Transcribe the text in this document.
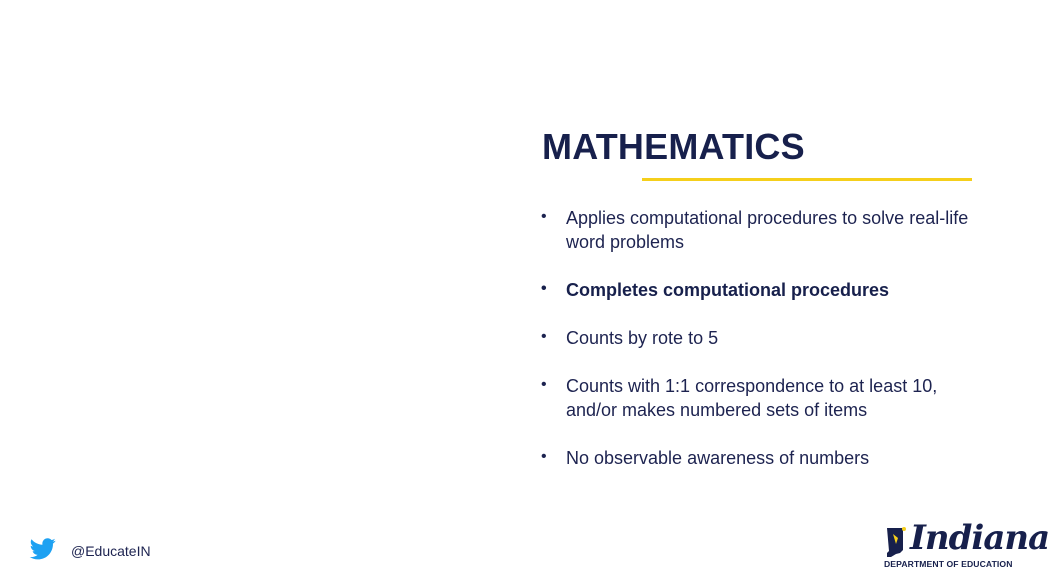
MATHEMATICS
• Applies computational procedures to solve real-life word problems
• Completes computational procedures
• Counts by rote to 5
• Counts with 1:1 correspondence to at least 10, and/or makes numbered sets of items
• No observable awareness of numbers
@EducateIN	Indiana
DEPARTMENT OF EDUCATION
